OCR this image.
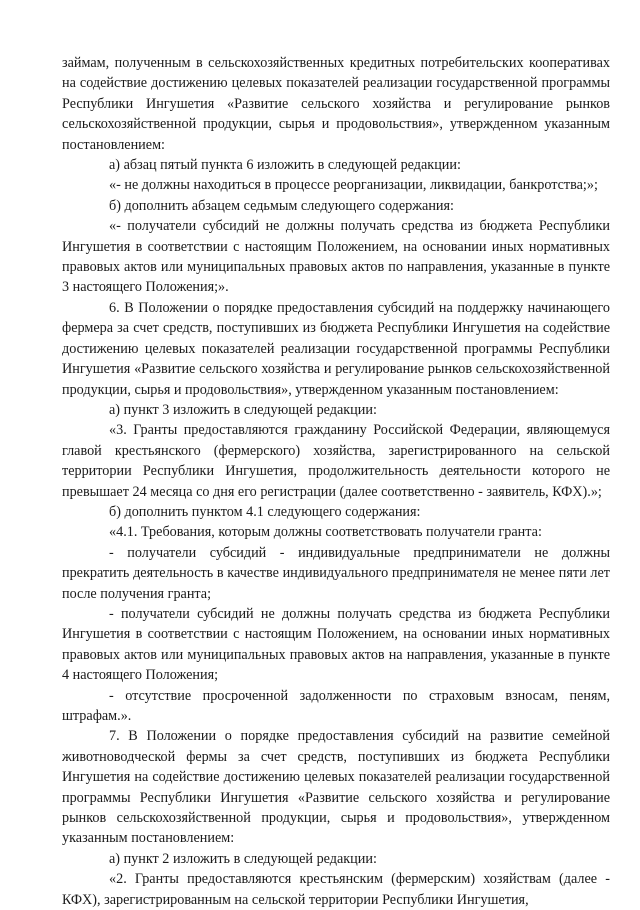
займам, полученным в сельскохозяйственных кредитных потребительских кооперативах на содействие достижению целевых показателей реализации государственной программы Республики Ингушетия «Развитие сельского хозяйства и регулирование рынков сельскохозяйственной продукции, сырья и продовольствия», утвержденном указанным постановлением:

а) абзац пятый пункта 6 изложить в следующей редакции:

«- не должны находиться в процессе реорганизации, ликвидации, банкротства;»;

б) дополнить абзацем седьмым следующего содержания:

«- получатели субсидий не должны получать средства из бюджета Республики Ингушетия в соответствии с настоящим Положением, на основании иных нормативных правовых актов или муниципальных правовых актов по направления, указанные в пункте 3 настоящего Положения;».

6. В Положении о порядке предоставления субсидий на поддержку начинающего фермера за счет средств, поступивших из бюджета Республики Ингушетия на содействие достижению целевых показателей реализации государственной программы Республики Ингушетия «Развитие сельского хозяйства и регулирование рынков сельскохозяйственной продукции, сырья и продовольствия», утвержденном указанным постановлением:

а) пункт 3 изложить в следующей редакции:

«3. Гранты предоставляются гражданину Российской Федерации, являющемуся главой крестьянского (фермерского) хозяйства, зарегистрированного на сельской территории Республики Ингушетия, продолжительность деятельности которого не превышает 24 месяца со дня его регистрации (далее соответственно - заявитель, КФХ).»;

б) дополнить пунктом 4.1 следующего содержания:

«4.1. Требования, которым должны соответствовать получатели гранта:

- получатели субсидий - индивидуальные предприниматели не должны прекратить деятельность в качестве индивидуального предпринимателя не менее пяти лет после получения гранта;

- получатели субсидий не должны получать средства из бюджета Республики Ингушетия в соответствии с настоящим Положением, на основании иных нормативных правовых актов или муниципальных правовых актов на направления, указанные в пункте 4 настоящего Положения;

- отсутствие просроченной задолженности по страховым взносам, пеням, штрафам.».

7. В Положении о порядке предоставления субсидий на развитие семейной животноводческой фермы за счет средств, поступивших из бюджета Республики Ингушетия на содействие достижению целевых показателей реализации государственной программы Республики Ингушетия «Развитие сельского хозяйства и регулирование рынков сельскохозяйственной продукции, сырья и продовольствия», утвержденном указанным постановлением:

а) пункт 2 изложить в следующей редакции:

«2. Гранты предоставляются крестьянским (фермерским) хозяйствам (далее - КФХ), зарегистрированным на сельской территории Республики Ингушетия,
